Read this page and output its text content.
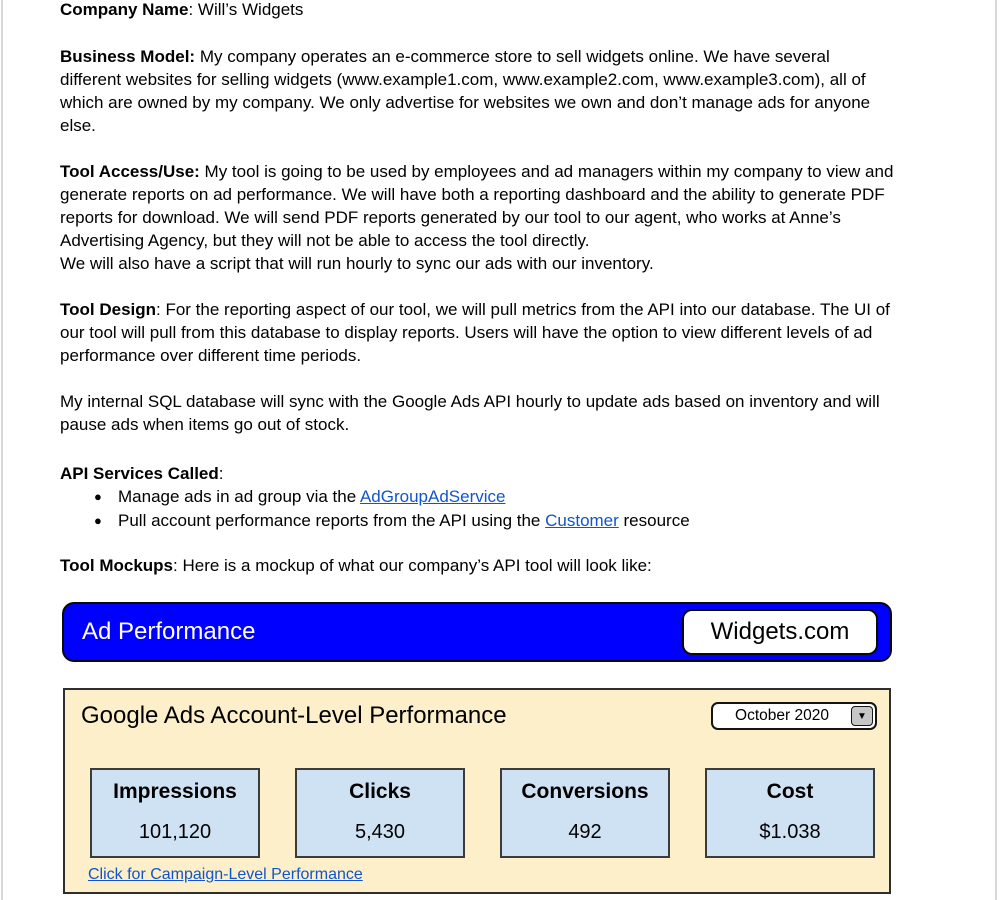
Company Name: Will’s Widgets
Business Model: My company operates an e-commerce store to sell widgets online. We have several
different websites for selling widgets (www.example1.com, www.example2.com, www.example3.com), all of
which are owned by my company. We only advertise for websites we own and don’t manage ads for anyone
else.
Tool Access/Use: My tool is going to be used by employees and ad managers within my company to view and
generate reports on ad performance. We will have both a reporting dashboard and the ability to generate PDF
reports for download. We will send PDF reports generated by our tool to our agent, who works at Anne’s
Advertising Agency, but they will not be able to access the tool directly.
We will also have a script that will run hourly to sync our ads with our inventory.
Tool Design: For the reporting aspect of our tool, we will pull metrics from the API into our database. The UI of
our tool will pull from this database to display reports. Users will have the option to view different levels of ad
performance over different time periods.
My internal SQL database will sync with the Google Ads API hourly to update ads based on inventory and will
pause ads when items go out of stock.
API Services Called:
● Manage ads in ad group via the AdGroupAdService
● Pull account performance reports from the API using the Customer resource
Tool Mockups: Here is a mockup of what our company’s API tool will look like:
Ad Performance	Widgets.com
Google Ads Account-Level Performance	October 2020	▼
Impressions
101,120
Clicks
5,430
Conversions
492
Cost
$1.038
Click for Campaign-Level Performance
